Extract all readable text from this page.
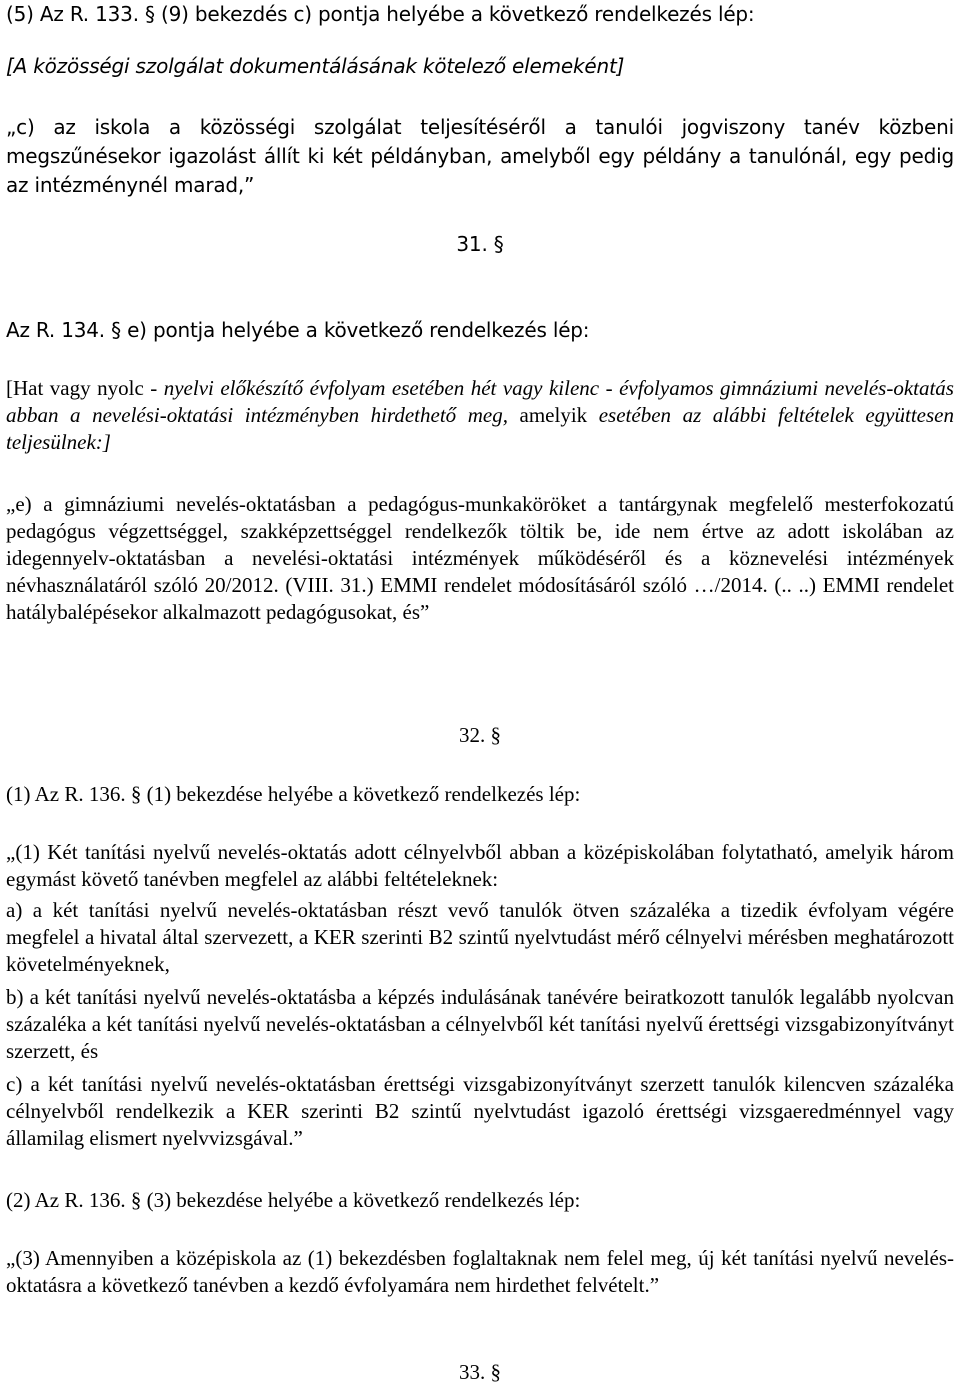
(5) Az R. 133. § (9) bekezdés c) pontja helyébe a következő rendelkezés lép:

[A közösségi szolgálat dokumentálásának kötelező elemeként]

„c) az iskola a közösségi szolgálat teljesítéséről a tanulói jogviszony tanév közbeni megszűnésekor igazolást állít ki két példányban, amelyből egy példány a tanulónál, egy pedig az intézménynél marad,”

31. §

Az R. 134. § e) pontja helyébe a következő rendelkezés lép:

[Hat vagy nyolc - nyelvi előkészítő évfolyam esetében hét vagy kilenc - évfolyamos gimnáziumi nevelés-oktatás abban a nevelési-oktatási intézményben hirdethető meg, amelyik esetében az alábbi feltételek együttesen teljesülnek:]

„e) a gimnáziumi nevelés-oktatásban a pedagógus-munkaköröket a tantárgynak megfelelő mesterfokozatú pedagógus végzettséggel, szakképzettséggel rendelkezők töltik be, ide nem értve az adott iskolában az idegennyelv-oktatásban a nevelési-oktatási intézmények működéséről és a köznevelési intézmények névhasználatáról szóló 20/2012. (VIII. 31.) EMMI rendelet módosításáról szóló …/2014. (.. ..) EMMI rendelet hatálybalépésekor alkalmazott pedagógusokat, és”

32. §

(1) Az R. 136. § (1) bekezdése helyébe a következő rendelkezés lép:

„(1) Két tanítási nyelvű nevelés-oktatás adott célnyelvből abban a középiskolában folytatható, amelyik három egymást követő tanévben megfelel az alábbi feltételeknek:

a) a két tanítási nyelvű nevelés-oktatásban részt vevő tanulók ötven százaléka a tizedik évfolyam végére megfelel a hivatal által szervezett, a KER szerinti B2 szintű nyelvtudást mérő célnyelvi mérésben meghatározott követelményeknek,

b) a két tanítási nyelvű nevelés-oktatásba a képzés indulásának tanévére beiratkozott tanulók legalább nyolcvan százaléka a két tanítási nyelvű nevelés-oktatásban a célnyelvből két tanítási nyelvű érettségi vizsgabizonyítványt szerzett, és

c) a két tanítási nyelvű nevelés-oktatásban érettségi vizsgabizonyítványt szerzett tanulók kilencven százaléka célnyelvből rendelkezik a KER szerinti B2 szintű nyelvtudást igazoló érettségi vizsgaeredménnyel vagy államilag elismert nyelvvizsgával.”

(2) Az R. 136. § (3) bekezdése helyébe a következő rendelkezés lép:

„(3) Amennyiben a középiskola az (1) bekezdésben foglaltaknak nem felel meg, új két tanítási nyelvű nevelés-oktatásra a következő tanévben a kezdő évfolyamára nem hirdethet felvételt.”

33. §
